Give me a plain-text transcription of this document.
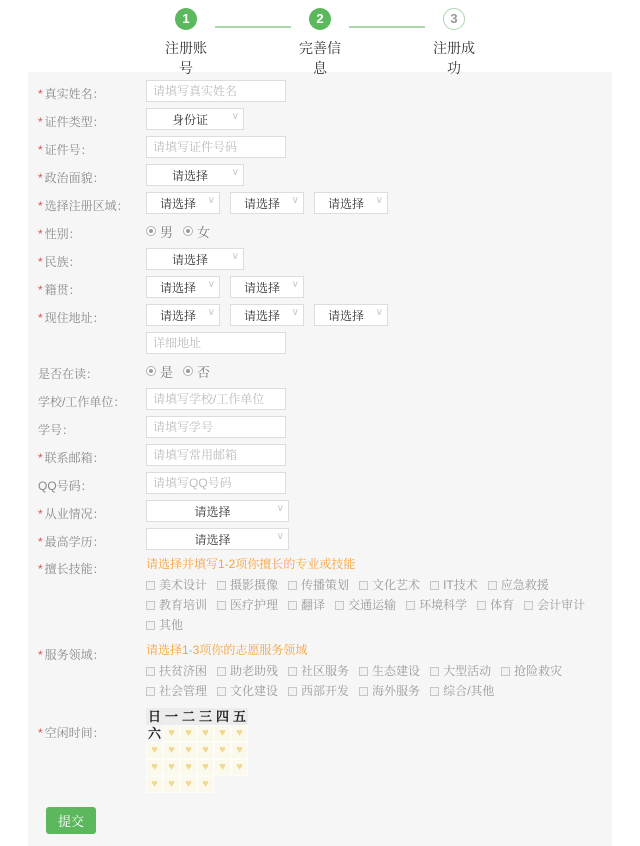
1
注册账号
2
完善信息
3
注册成功
* 真实姓名：
请填写真实姓名
* 证件类型：	身份证	∨
* 证件号：
请填写证件号码
* 政治面貌：	请选择	∨
* 选择注册区域：	请选择	∨ 请选择	∨ 请选择	∨
* 性别：	男 女
* 民族：	请选择	∨
* 籍贯：	请选择	∨ 请选择	∨
* 现住地址：	请选择	∨ 请选择	∨ 请选择	∨
详细地址
是否在读：	是 否
学校/工作单位：
请填写学校/工作单位
学号：
请填写学号
* 联系邮箱：
请填写常用邮箱
QQ号码：
请填写QQ号码
* 从业情况：	请选择	∨
* 最高学历：	请选择	∨
* 擅长技能：	请选择并填写1-2项你擅长的专业或技能
美术设计 摄影摄像 传播策划 文化艺术 IT技术 应急救援
教育培训 医疗护理 翻译 交通运输 环境科学 体育 会计审计
其他
* 服务领域：	请选择1-3项你的志愿服务领域
扶贫济困 助老助残 社区服务 生态建设 大型活动 抢险救灾
社会管理 文化建设 西部开发 海外服务 综合/其他
* 空闲时间：
日 一 二 三 四 五
六 ♥ ♥ ♥ ♥ ♥
♥ ♥ ♥ ♥ ♥ ♥
♥ ♥ ♥ ♥ ♥ ♥
♥ ♥ ♥ ♥
提交
